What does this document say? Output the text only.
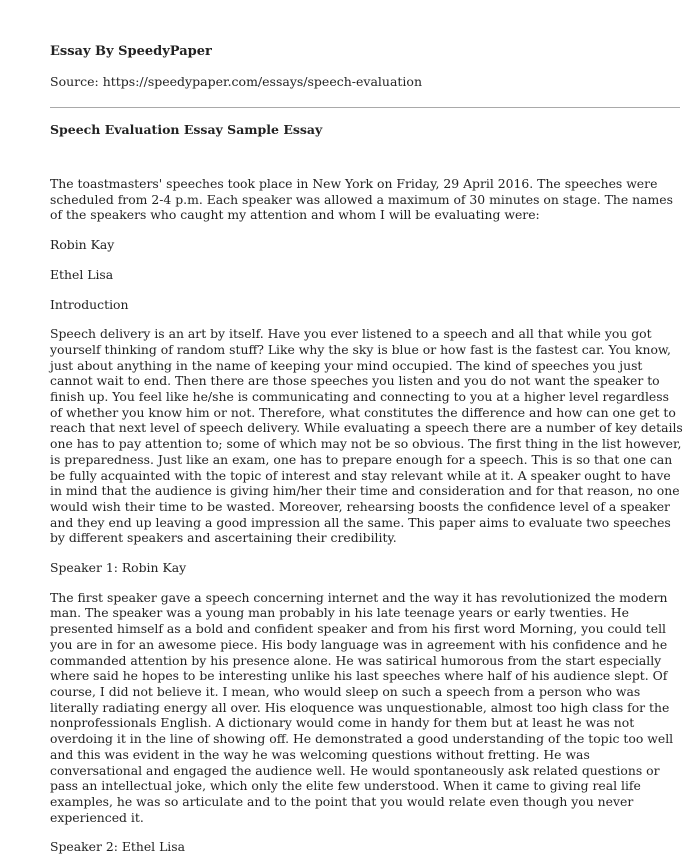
Essay By SpeedyPaper
Source: https://speedypaper.com/essays/speech-evaluation
Speech Evaluation Essay Sample Essay

The toastmasters' speeches took place in New York on Friday, 29 April 2016. The speeches were scheduled from 2-4 p.m. Each speaker was allowed a maximum of 30 minutes on stage. The names of the speakers who caught my attention and whom I will be evaluating were:

Robin Kay

Ethel Lisa

Introduction

Speech delivery is an art by itself. Have you ever listened to a speech and all that while you got yourself thinking of random stuff? Like why the sky is blue or how fast is the fastest car. You know, just about anything in the name of keeping your mind occupied. The kind of speeches you just cannot wait to end. Then there are those speeches you listen and you do not want the speaker to finish up. You feel like he/she is communicating and connecting to you at a higher level regardless of whether you know him or not. Therefore, what constitutes the difference and how can one get to reach that next level of speech delivery. While evaluating a speech there are a number of key details one has to pay attention to; some of which may not be so obvious. The first thing in the list however, is preparedness. Just like an exam, one has to prepare enough for a speech. This is so that one can be fully acquainted with the topic of interest and stay relevant while at it. A speaker ought to have in mind that the audience is giving him/her their time and consideration and for that reason, no one would wish their time to be wasted. Moreover, rehearsing boosts the confidence level of a speaker and they end up leaving a good impression all the same. This paper aims to evaluate two speeches by different speakers and ascertaining their credibility.

Speaker 1: Robin Kay

The first speaker gave a speech concerning internet and the way it has revolutionized the modern man. The speaker was a young man probably in his late teenage years or early twenties. He presented himself as a bold and confident speaker and from his first word Morning, you could tell you are in for an awesome piece. His body language was in agreement with his confidence and he commanded attention by his presence alone. He was satirical humorous from the start especially where said he hopes to be interesting unlike his last speeches where half of his audience slept. Of course, I did not believe it. I mean, who would sleep on such a speech from a person who was literally radiating energy all over. His eloquence was unquestionable, almost too high class for the nonprofessionals English. A dictionary would come in handy for them but at least he was not overdoing it in the line of showing off. He demonstrated a good understanding of the topic too well and this was evident in the way he was welcoming questions without fretting. He was conversational and engaged the audience well. He would spontaneously ask related questions or pass an intellectual joke, which only the elite few understood. When it came to giving real life examples, he was so articulate and to the point that you would relate even though you never experienced it.

Speaker 2: Ethel Lisa
